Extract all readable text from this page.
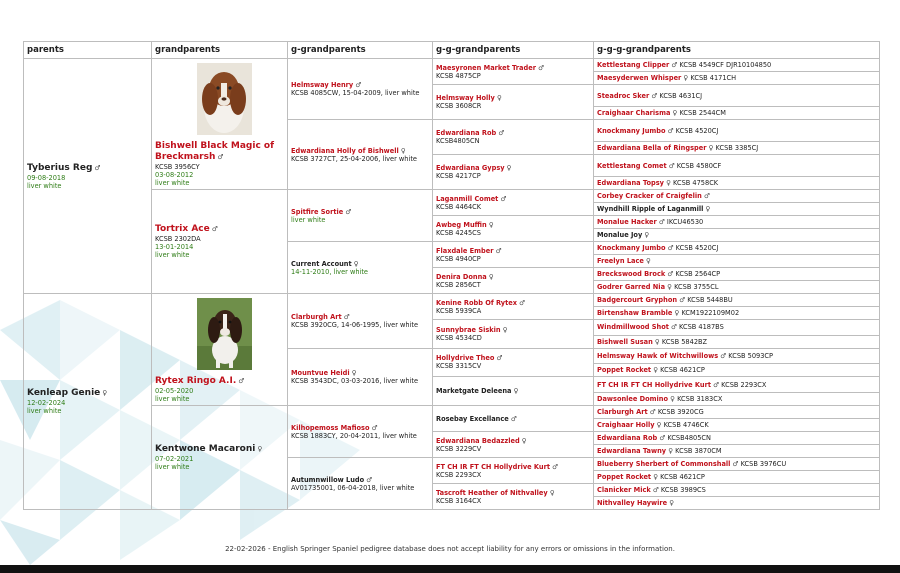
parents	grandparents	g-grandparents	g-g-grandparents	g-g-g-grandparents
Tyberius Reg ♂
09-08-2018
liver white	Bishwell Black Magic of Breckmarsh ♂
KCSB 3956CY
03-08-2012
liver white	Helmsway Henry ♂
KCSB 4085CW, 15-04-2009, liver white	Maesyronen Market Trader ♂
KCSB 4875CP	Kettlestang Clipper ♂ KCSB 4549CF DJR10104850
				Maesyderwen Whisper ♀ KCSB 4171CH
			Helmsway Holly ♀
KCSB 3608CR	Steadroc Sker ♂ KCSB 4631CJ
				Craighaar Charisma ♀ KCSB 2544CM
		Edwardiana Holly of Bishwell ♀
KCSB 3727CT, 25-04-2006, liver white	Edwardiana Rob ♂
KCSB4805CN	Knockmany Jumbo ♂ KCSB 4520CJ
				Edwardiana Bella of Ringsper ♀ KCSB 3385CJ
			Edwardiana Gypsy ♀
KCSB 4217CP	Kettlestang Comet ♂ KCSB 4580CF
				Edwardiana Topsy ♀ KCSB 4758CK
	Tortrix Ace ♂
KCSB 2302DA
13-01-2014
liver white	Spitfire Sortie ♂
liver white	Laganmill Comet ♂
KCSB 4464CK	Corbey Cracker of Craigfelin ♂
				Wyndhill Ripple of Laganmill ♀
			Awbeg Muffin ♀
KCSB 4245CS	Monalue Hacker ♂ IKCU46530
				Monalue Joy ♀
		Current Account ♀
14-11-2010, liver white	Flaxdale Ember ♂
KCSB 4940CP	Knockmany Jumbo ♂ KCSB 4520CJ
				Freelyn Lace ♀
			Denira Donna ♀
KCSB 2856CT	Breckswood Brock ♂ KCSB 2564CP
				Godrer Garred Nia ♀ KCSB 3755CL
Kenleap Genie ♀
12-02-2024
liver white	Rytex Ringo A.I. ♂
02-05-2020
liver white	Clarburgh Art ♂
KCSB 3920CG, 14-06-1995, liver white	Kenine Robb Of Rytex ♂
KCSB 5939CA	Badgercourt Gryphon ♂ KCSB 5448BU
				Birtenshaw Bramble ♀ KCM1922109M02
			Sunnybrae Siskin ♀
KCSB 4534CD	Windmillwood Shot ♂ KCSB 4187BS
				Bishwell Susan ♀ KCSB 5842BZ
		Mountvue Heidi ♀
KCSB 3543DC, 03-03-2016, liver white	Hollydrive Theo ♂
KCSB 3315CV	Helmsway Hawk of Witchwillows ♂ KCSB 5093CP
				Poppet Rocket ♀ KCSB 4621CP
			Marketgate Deleena ♀	FT CH IR FT CH Hollydrive Kurt ♂ KCSB 2293CX
				Dawsonlee Domino ♀ KCSB 3183CX
	Kentwone Macaroni ♀
07-02-2021
liver white	Kilhopemoss Mafioso ♂
KCSB 1883CY, 20-04-2011, liver white	Rosebay Excellance ♂	Clarburgh Art ♂ KCSB 3920CG
				Craighaar Holly ♀ KCSB 4746CK
			Edwardiana Bedazzled ♀
KCSB 3229CV	Edwardiana Rob ♂ KCSB4805CN
				Edwardiana Tawny ♀ KCSB 3870CM
		Autumnwillow Ludo ♂
AV01735001, 06-04-2018, liver white	FT CH IR FT CH Hollydrive Kurt ♂
KCSB 2293CX	Blueberry Sherbert of Commonshall ♂ KCSB 3976CU
				Poppet Rocket ♀ KCSB 4621CP
			Tascroft Heather of Nithvalley ♀
KCSB 3164CX	Clanicker Mick ♂ KCSB 3989CS
				Nithvalley Haywire ♀
22-02-2026 - English Springer Spaniel pedigree database does not accept liability for any errors or omissions in the information.
